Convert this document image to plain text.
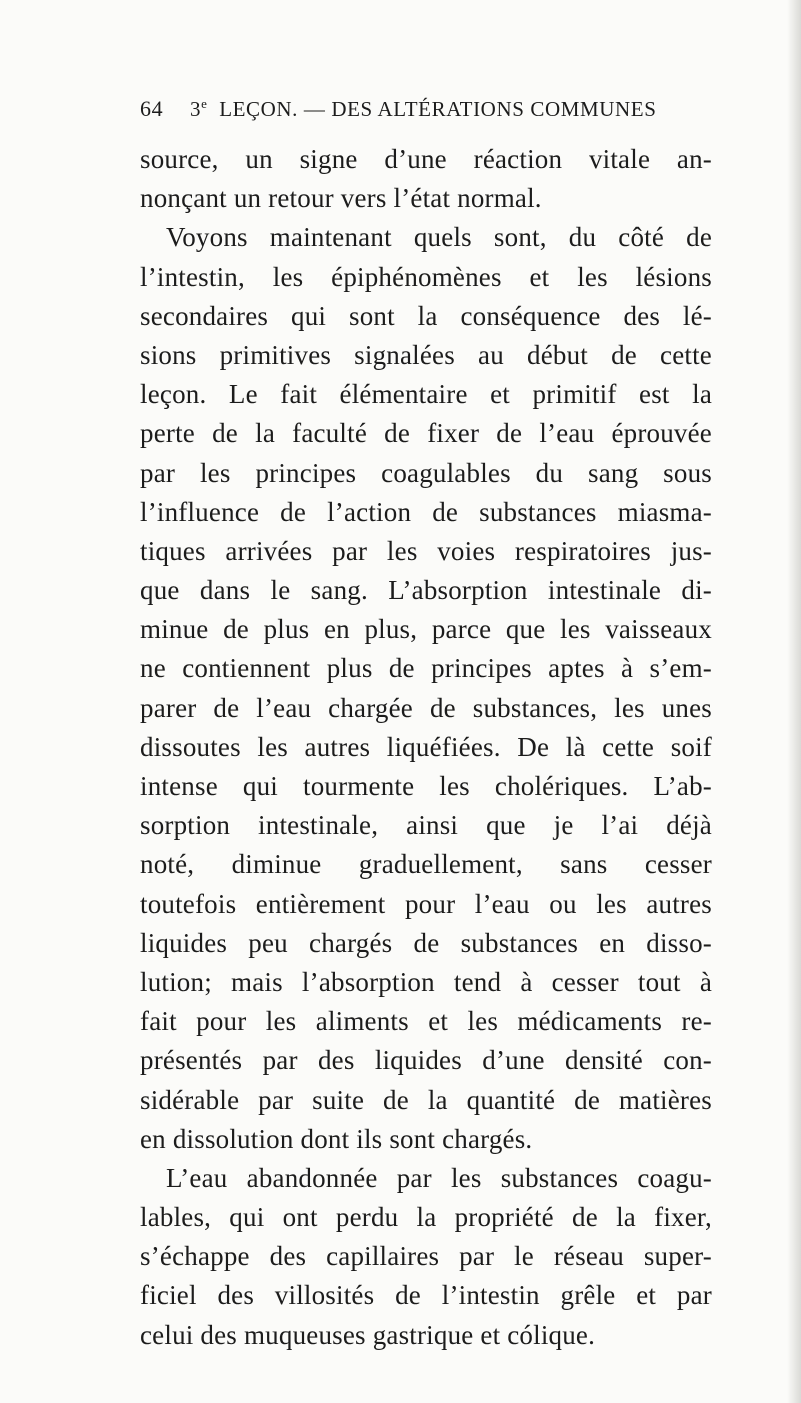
64 3e LEÇON. — DES ALTÉRATIONS COMMUNES
source, un signe d’une réaction vitale an-
nonçant un retour vers l’état normal.
Voyons maintenant quels sont, du côté de
l’intestin, les épiphénomènes et les lésions
secondaires qui sont la conséquence des lé-
sions primitives signalées au début de cette
leçon. Le fait élémentaire et primitif est la
perte de la faculté de fixer de l’eau éprouvée
par les principes coagulables du sang sous
l’influence de l’action de substances miasma-
tiques arrivées par les voies respiratoires jus-
que dans le sang. L’absorption intestinale di-
minue de plus en plus, parce que les vaisseaux
ne contiennent plus de principes aptes à s’em-
parer de l’eau chargée de substances, les unes
dissoutes les autres liquéfiées. De là cette soif
intense qui tourmente les cholériques. L’ab-
sorption intestinale, ainsi que je l’ai déjà
noté, diminue graduellement, sans cesser
toutefois entièrement pour l’eau ou les autres
liquides peu chargés de substances en disso-
lution; mais l’absorption tend à cesser tout à
fait pour les aliments et les médicaments re-
présentés par des liquides d’une densité con-
sidérable par suite de la quantité de matières
en dissolution dont ils sont chargés.
L’eau abandonnée par les substances coagu-
lables, qui ont perdu la propriété de la fixer,
s’échappe des capillaires par le réseau super-
ficiel des villosités de l’intestin grêle et par
celui des muqueuses gastrique et cólique.
